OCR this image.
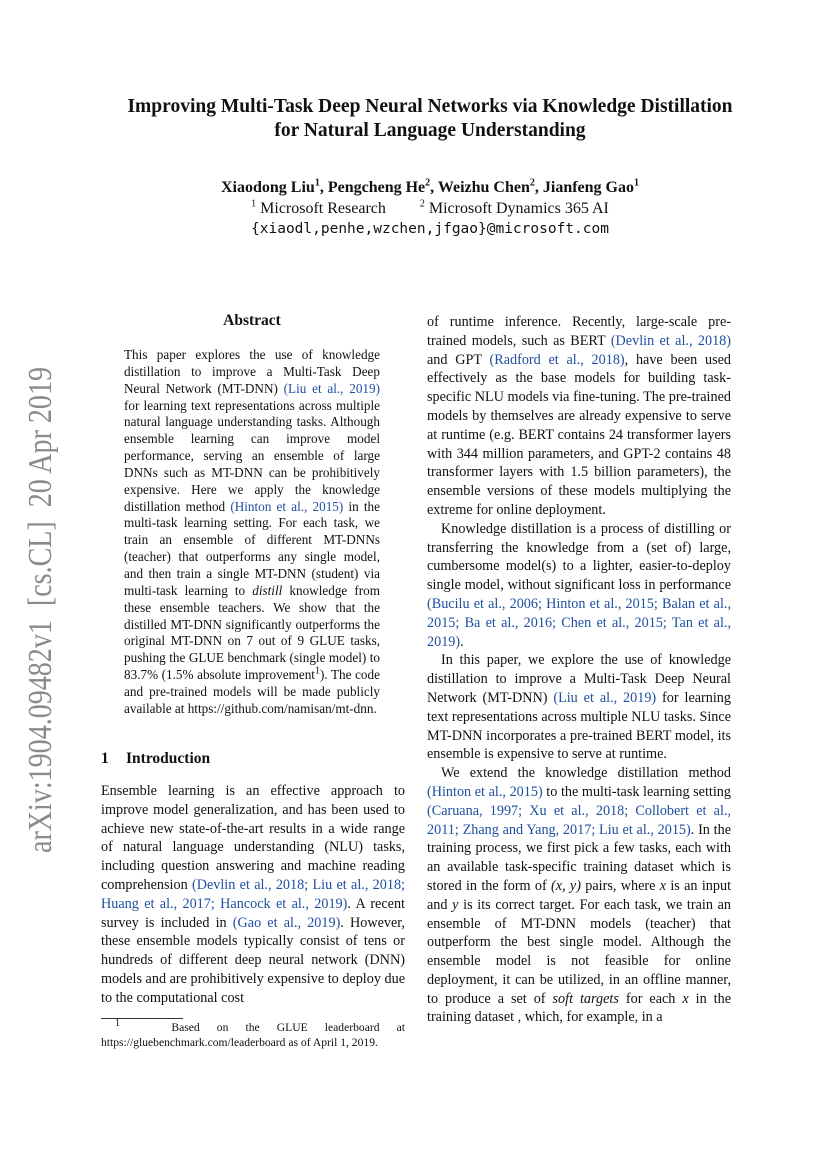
arXiv:1904.09482v1  [cs.CL]  20 Apr 2019
Improving Multi-Task Deep Neural Networks via Knowledge Distillation
for Natural Language Understanding
Xiaodong Liu$^1$, Pengcheng He$^2$, Weizhu Chen$^2$, Jianfeng Gao$^1$
$^1$ Microsoft Research	$^2$ Microsoft Dynamics 365 AI
{xiaodl,penhe,wzchen,jfgao}@microsoft.com
Abstract

This paper explores the use of knowledge distillation to improve a Multi-Task Deep Neural Network (MT-DNN) (Liu et al., 2019) for learning text representations across multiple natural language understanding tasks. Although ensemble learning can improve model performance, serving an ensemble of large DNNs such as MT-DNN can be prohibitively expensive. Here we apply the knowledge distillation method (Hinton et al., 2015) in the multi-task learning setting. For each task, we train an ensemble of different MT-DNNs (teacher) that outperforms any single model, and then train a single MT-DNN (student) via multi-task learning to distill knowledge from these ensemble teachers. We show that the distilled MT-DNN significantly outperforms the original MT-DNN on 7 out of 9 GLUE tasks, pushing the GLUE benchmark (single model) to 83.7% (1.5% absolute improvement$^1$). The code and pre-trained models will be made publicly available at https://github.com/namisan/mt-dnn.

1 Introduction

Ensemble learning is an effective approach to improve model generalization, and has been used to achieve new state-of-the-art results in a wide range of natural language understanding (NLU) tasks, including question answering and machine reading comprehension (Devlin et al., 2018; Liu et al., 2018; Huang et al., 2017; Hancock et al., 2019). A recent survey is included in (Gao et al., 2019). However, these ensemble models typically consist of tens or hundreds of different deep neural network (DNN) models and are prohibitively expensive to deploy due to the computational cost

$^1$	Based on the GLUE leaderboard at https://gluebenchmark.com/leaderboard as of April 1, 2019.

of runtime inference. Recently, large-scale pre-trained models, such as BERT (Devlin et al., 2018) and GPT (Radford et al., 2018), have been used effectively as the base models for building task-specific NLU models via fine-tuning. The pre-trained models by themselves are already expensive to serve at runtime (e.g. BERT contains 24 transformer layers with 344 million parameters, and GPT-2 contains 48 transformer layers with 1.5 billion parameters), the ensemble versions of these models multiplying the extreme for online deployment.

Knowledge distillation is a process of distilling or transferring the knowledge from a (set of) large, cumbersome model(s) to a lighter, easier-to-deploy single model, without significant loss in performance (Bucilu et al., 2006; Hinton et al., 2015; Balan et al., 2015; Ba et al., 2016; Chen et al., 2015; Tan et al., 2019).

In this paper, we explore the use of knowledge distillation to improve a Multi-Task Deep Neural Network (MT-DNN) (Liu et al., 2019) for learning text representations across multiple NLU tasks. Since MT-DNN incorporates a pre-trained BERT model, its ensemble is expensive to serve at runtime.

We extend the knowledge distillation method (Hinton et al., 2015) to the multi-task learning setting (Caruana, 1997; Xu et al., 2018; Collobert et al., 2011; Zhang and Yang, 2017; Liu et al., 2015). In the training process, we first pick a few tasks, each with an available task-specific training dataset which is stored in the form of (x, y) pairs, where x is an input and y is its correct target. For each task, we train an ensemble of MT-DNN models (teacher) that outperform the best single model. Although the ensemble model is not feasible for online deployment, it can be utilized, in an offline manner, to produce a set of soft targets for each x in the training dataset , which, for example, in a
